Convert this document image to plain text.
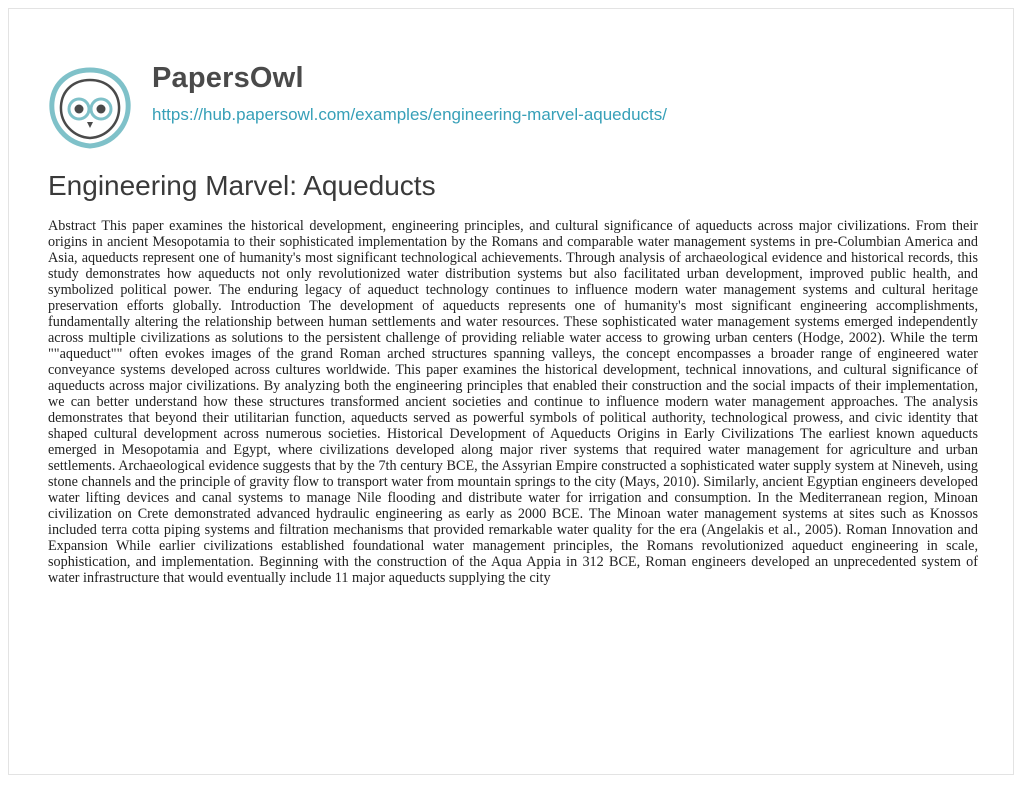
PapersOwl
https://hub.papersowl.com/examples/engineering-marvel-aqueducts/
Engineering Marvel: Aqueducts

Abstract This paper examines the historical development, engineering principles, and cultural significance of aqueducts across major civilizations. From their origins in ancient Mesopotamia to their sophisticated implementation by the Romans and comparable water management systems in pre-Columbian America and Asia, aqueducts represent one of humanity's most significant technological achievements. Through analysis of archaeological evidence and historical records, this study demonstrates how aqueducts not only revolutionized water distribution systems but also facilitated urban development, improved public health, and symbolized political power. The enduring legacy of aqueduct technology continues to influence modern water management systems and cultural heritage preservation efforts globally. Introduction The development of aqueducts represents one of humanity's most significant engineering accomplishments, fundamentally altering the relationship between human settlements and water resources. These sophisticated water management systems emerged independently across multiple civilizations as solutions to the persistent challenge of providing reliable water access to growing urban centers (Hodge, 2002). While the term ""aqueduct"" often evokes images of the grand Roman arched structures spanning valleys, the concept encompasses a broader range of engineered water conveyance systems developed across cultures worldwide. This paper examines the historical development, technical innovations, and cultural significance of aqueducts across major civilizations. By analyzing both the engineering principles that enabled their construction and the social impacts of their implementation, we can better understand how these structures transformed ancient societies and continue to influence modern water management approaches. The analysis demonstrates that beyond their utilitarian function, aqueducts served as powerful symbols of political authority, technological prowess, and civic identity that shaped cultural development across numerous societies. Historical Development of Aqueducts Origins in Early Civilizations The earliest known aqueducts emerged in Mesopotamia and Egypt, where civilizations developed along major river systems that required water management for agriculture and urban settlements. Archaeological evidence suggests that by the 7th century BCE, the Assyrian Empire constructed a sophisticated water supply system at Nineveh, using stone channels and the principle of gravity flow to transport water from mountain springs to the city (Mays, 2010). Similarly, ancient Egyptian engineers developed water lifting devices and canal systems to manage Nile flooding and distribute water for irrigation and consumption. In the Mediterranean region, Minoan civilization on Crete demonstrated advanced hydraulic engineering as early as 2000 BCE. The Minoan water management systems at sites such as Knossos included terra cotta piping systems and filtration mechanisms that provided remarkable water quality for the era (Angelakis et al., 2005). Roman Innovation and Expansion While earlier civilizations established foundational water management principles, the Romans revolutionized aqueduct engineering in scale, sophistication, and implementation. Beginning with the construction of the Aqua Appia in 312 BCE, Roman engineers developed an unprecedented system of water infrastructure that would eventually include 11 major aqueducts supplying the city
